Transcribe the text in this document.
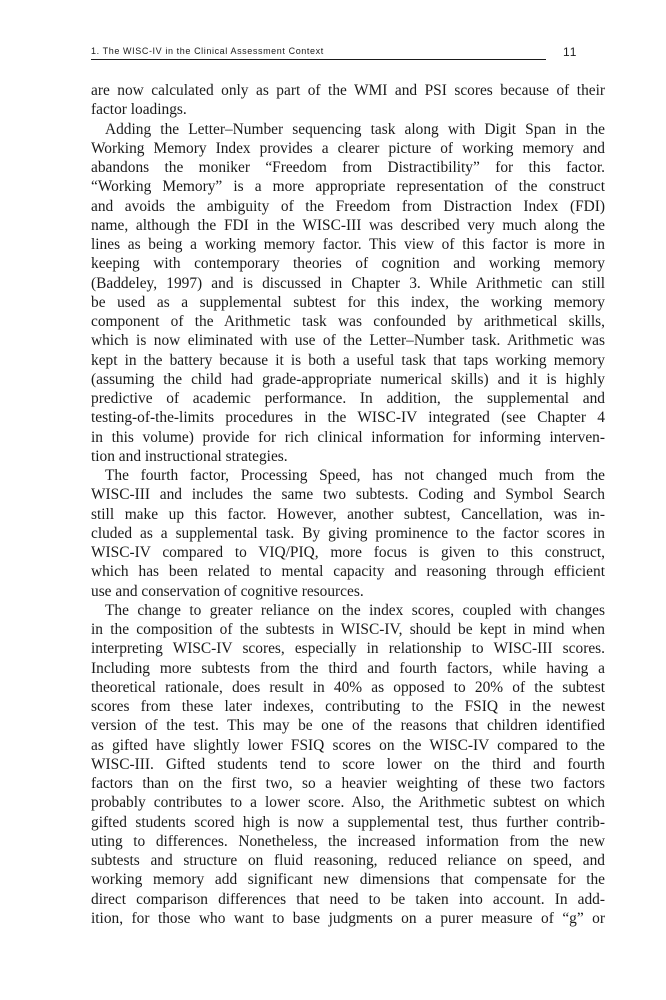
1. The WISC-IV in the Clinical Assessment Context	11

are now calculated only as part of the WMI and PSI scores because of their
factor loadings.

Adding the Letter–Number sequencing task along with Digit Span in the
Working Memory Index provides a clearer picture of working memory and
abandons the moniker “Freedom from Distractibility” for this factor.
“Working Memory” is a more appropriate representation of the construct
and avoids the ambiguity of the Freedom from Distraction Index (FDI)
name, although the FDI in the WISC-III was described very much along the
lines as being a working memory factor. This view of this factor is more in
keeping with contemporary theories of cognition and working memory
(Baddeley, 1997) and is discussed in Chapter 3. While Arithmetic can still
be used as a supplemental subtest for this index, the working memory
component of the Arithmetic task was confounded by arithmetical skills,
which is now eliminated with use of the Letter–Number task. Arithmetic was
kept in the battery because it is both a useful task that taps working memory
(assuming the child had grade-appropriate numerical skills) and it is highly
predictive of academic performance. In addition, the supplemental and
testing-of-the-limits procedures in the WISC-IV integrated (see Chapter 4
in this volume) provide for rich clinical information for informing interven-
tion and instructional strategies.

The fourth factor, Processing Speed, has not changed much from the
WISC-III and includes the same two subtests. Coding and Symbol Search
still make up this factor. However, another subtest, Cancellation, was in-
cluded as a supplemental task. By giving prominence to the factor scores in
WISC-IV compared to VIQ/PIQ, more focus is given to this construct,
which has been related to mental capacity and reasoning through efficient
use and conservation of cognitive resources.

The change to greater reliance on the index scores, coupled with changes
in the composition of the subtests in WISC-IV, should be kept in mind when
interpreting WISC-IV scores, especially in relationship to WISC-III scores.
Including more subtests from the third and fourth factors, while having a
theoretical rationale, does result in 40% as opposed to 20% of the subtest
scores from these later indexes, contributing to the FSIQ in the newest
version of the test. This may be one of the reasons that children identified
as gifted have slightly lower FSIQ scores on the WISC-IV compared to the
WISC-III. Gifted students tend to score lower on the third and fourth
factors than on the first two, so a heavier weighting of these two factors
probably contributes to a lower score. Also, the Arithmetic subtest on which
gifted students scored high is now a supplemental test, thus further contrib-
uting to differences. Nonetheless, the increased information from the new
subtests and structure on fluid reasoning, reduced reliance on speed, and
working memory add significant new dimensions that compensate for the
direct comparison differences that need to be taken into account. In add-
ition, for those who want to base judgments on a purer measure of “g” or
